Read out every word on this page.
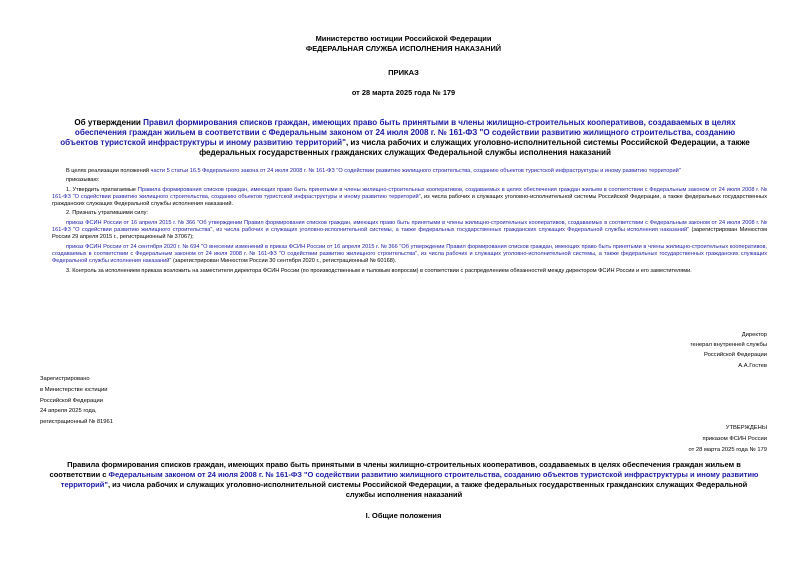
Министерство юстиции Российской Федерации
ФЕДЕРАЛЬНАЯ СЛУЖБА ИСПОЛНЕНИЯ НАКАЗАНИЙ
ПРИКАЗ
от 28 марта 2025 года № 179
Об утверждении Правил формирования списков граждан, имеющих право быть принятыми в члены жилищно-строительных кооперативов, создаваемых в целях обеспечения граждан жильем в соответствии с Федеральным законом от 24 июля 2008 г. № 161-ФЗ "О содействии развитию жилищного строительства, созданию объектов туристской инфраструктуры и иному развитию территорий", из числа рабочих и служащих уголовно-исполнительной системы Российской Федерации, а также федеральных государственных гражданских служащих Федеральной службы исполнения наказаний

В целях реализации положений части 5 статьи 16.5 Федерального закона от 24 июля 2008 г. № 161-ФЗ "О содействии развитию жилищного строительства, созданию объектов туристской инфраструктуры и иному развитию территорий"

приказываю:

1. Утвердить прилагаемые Правила формирования списков граждан, имеющих право быть принятыми в члены жилищно-строительных кооперативов, создаваемых в целях обеспечения граждан жильем в соответствии с Федеральным законом от 24 июля 2008 г. № 161-ФЗ "О содействии развитию жилищного строительства, созданию объектов туристской инфраструктуры и иному развитию территорий", из числа рабочих и служащих уголовно-исполнительной системы Российской Федерации, а также федеральных государственных гражданских служащих Федеральной службы исполнения наказаний.

2. Признать утратившими силу:

приказ ФСИН России от 16 апреля 2015 г. № 366 "Об утверждении Правил формирования списков граждан, имеющих право быть принятыми в члены жилищно-строительных кооперативов, создаваемых в соответствии с Федеральным законом от 24 июля 2008 г. № 161-ФЗ "О содействии развитию жилищного строительства", из числа рабочих и служащих уголовно-исполнительной системы, а также федеральных государственных гражданских служащих Федеральной службы исполнения наказаний" (зарегистрирован Минюстом России 29 апреля 2015 г., регистрационный № 37067);

приказ ФСИН России от 24 сентября 2020 г. № 694 "О внесении изменений в приказ ФСИН России от 16 апреля 2015 г. № 366 "Об утверждении Правил формирования списков граждан, имеющих право быть принятыми в члены жилищно-строительных кооперативов, создаваемых в соответствии с Федеральным законом от 24 июля 2008 г. № 161-ФЗ "О содействии развитию жилищного строительства", из числа рабочих и служащих уголовно-исполнительной системы, а также федеральных государственных гражданских служащих Федеральной службы исполнения наказаний" (зарегистрирован Минюстом России 30 сентября 2020 г., регистрационный № 60168).

3. Контроль за исполнением приказа возложить на заместителя директора ФСИН России (по производственным и тыловым вопросам) в соответствии с распределением обязанностей между директором ФСИН России и его заместителями.

Директор
генерал внутренней службы
Российской Федерации
А.А.Гостев
Зарегистрировано
в Министерстве юстиции
Российской Федерации
24 апреля 2025 года,
регистрационный № 81961
УТВЕРЖДЕНЫ
приказом ФСИН России
от 28 марта 2025 года № 179
Правила формирования списков граждан, имеющих право быть принятыми в члены жилищно-строительных кооперативов, создаваемых в целях обеспечения граждан жильем в соответствии с Федеральным законом от 24 июля 2008 г. № 161-ФЗ "О содействии развитию жилищного строительства, созданию объектов туристской инфраструктуры и иному развитию территорий", из числа рабочих и служащих уголовно-исполнительной системы Российской Федерации, а также федеральных государственных гражданских служащих Федеральной службы исполнения наказаний
I. Общие положения
